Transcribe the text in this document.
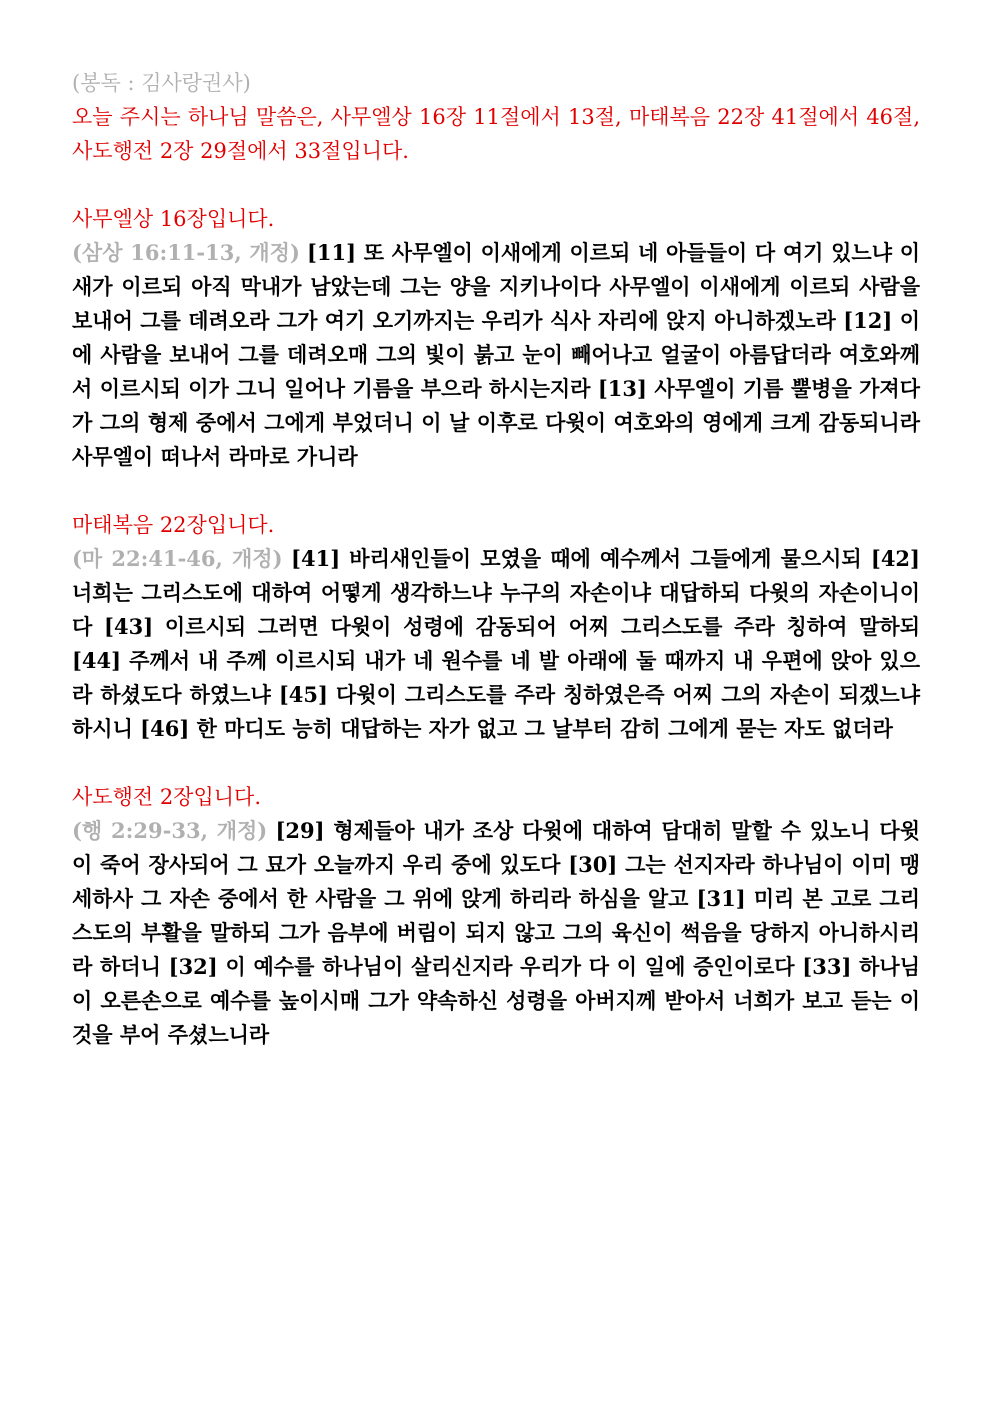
(봉독 : 김사랑권사)

오늘 주시는 하나님 말씀은, 사무엘상 16장 11절에서 13절, 마태복음 22장 41절에서 46절, 사도행전 2장 29절에서 33절입니다.

사무엘상 16장입니다.

(삼상 16:11-13, 개정) [11] 또 사무엘이 이새에게 이르되 네 아들들이 다 여기 있느냐 이새가 이르되 아직 막내가 남았는데 그는 양을 지키나이다 사무엘이 이새에게 이르되 사람을 보내어 그를 데려오라 그가 여기 오기까지는 우리가 식사 자리에 앉지 아니하겠노라 [12] 이에 사람을 보내어 그를 데려오매 그의 빛이 붉고 눈이 빼어나고 얼굴이 아름답더라 여호와께서 이르시되 이가 그니 일어나 기름을 부으라 하시는지라 [13] 사무엘이 기름 뿔병을 가져다가 그의 형제 중에서 그에게 부었더니 이 날 이후로 다윗이 여호와의 영에게 크게 감동되니라 사무엘이 떠나서 라마로 가니라

마태복음 22장입니다.

(마 22:41-46, 개정) [41] 바리새인들이 모였을 때에 예수께서 그들에게 물으시되 [42] 너희는 그리스도에 대하여 어떻게 생각하느냐 누구의 자손이냐 대답하되 다윗의 자손이니이다 [43] 이르시되 그러면 다윗이 성령에 감동되어 어찌 그리스도를 주라 칭하여 말하되 [44] 주께서 내 주께 이르시되 내가 네 원수를 네 발 아래에 둘 때까지 내 우편에 앉아 있으라 하셨도다 하였느냐 [45] 다윗이 그리스도를 주라 칭하였은즉 어찌 그의 자손이 되겠느냐 하시니 [46] 한 마디도 능히 대답하는 자가 없고 그 날부터 감히 그에게 묻는 자도 없더라

사도행전 2장입니다.

(행 2:29-33, 개정) [29] 형제들아 내가 조상 다윗에 대하여 담대히 말할 수 있노니 다윗이 죽어 장사되어 그 묘가 오늘까지 우리 중에 있도다 [30] 그는 선지자라 하나님이 이미 맹세하사 그 자손 중에서 한 사람을 그 위에 앉게 하리라 하심을 알고 [31] 미리 본 고로 그리스도의 부활을 말하되 그가 음부에 버림이 되지 않고 그의 육신이 썩음을 당하지 아니하시리라 하더니 [32] 이 예수를 하나님이 살리신지라 우리가 다 이 일에 증인이로다 [33] 하나님이 오른손으로 예수를 높이시매 그가 약속하신 성령을 아버지께 받아서 너희가 보고 듣는 이것을 부어 주셨느니라
